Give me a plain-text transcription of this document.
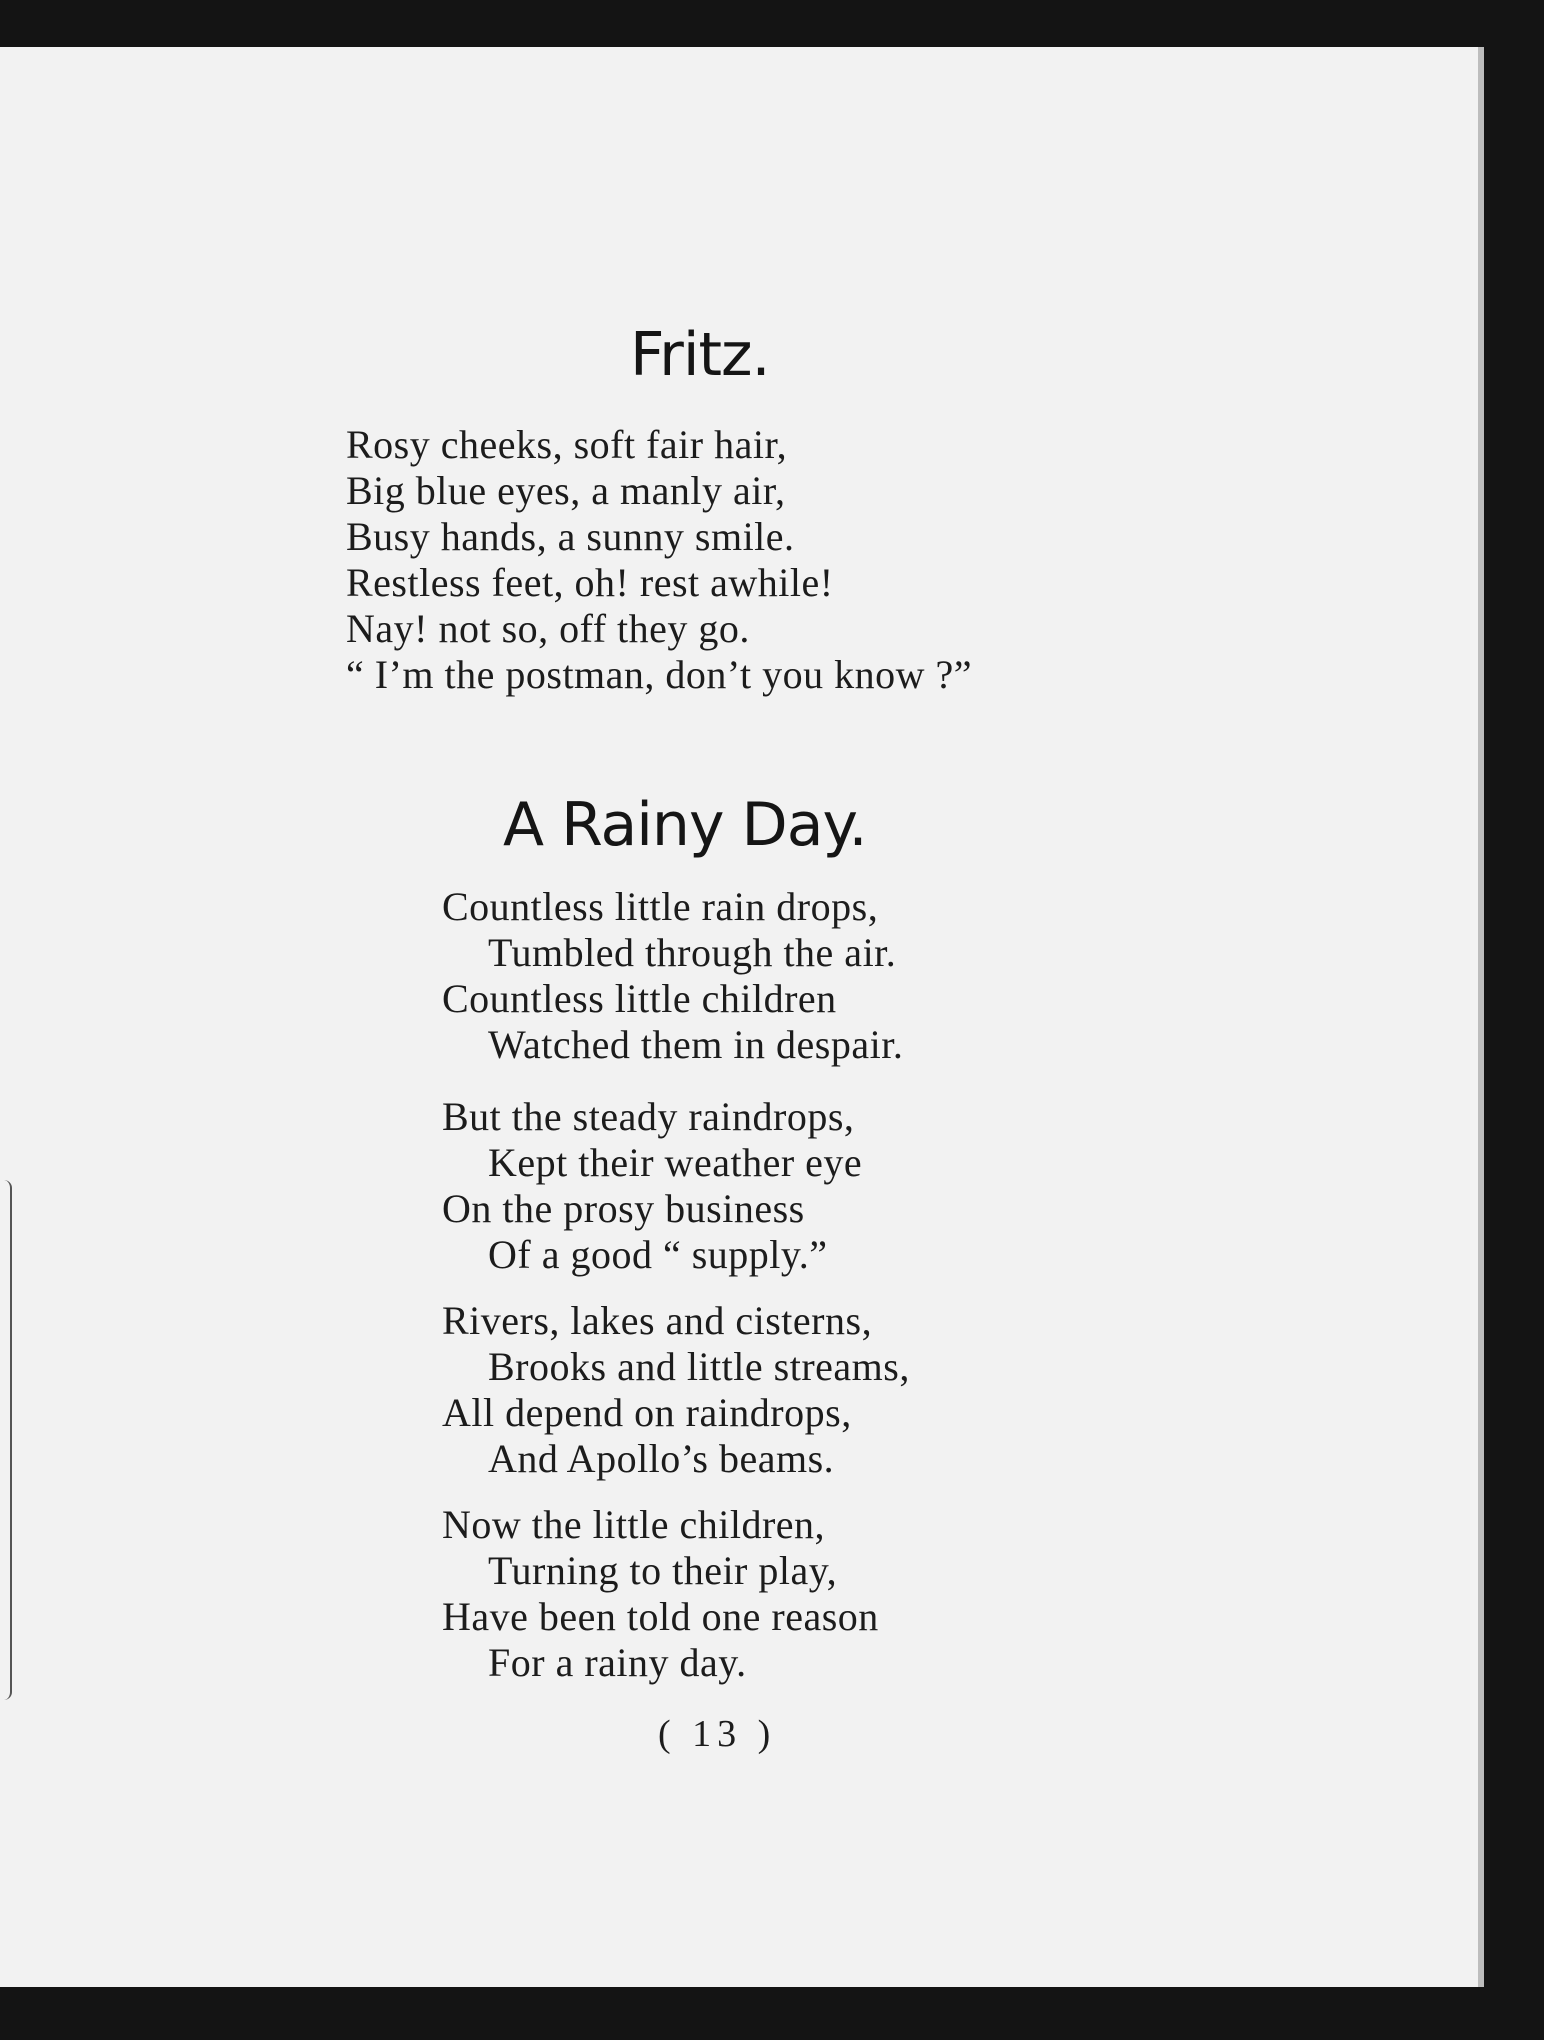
Fritz.
Rosy cheeks, soft fair hair,
Big blue eyes, a manly air,
Busy hands, a sunny smile.
Restless feet, oh! rest awhile!
Nay! not so, off they go.
“ I’m the postman, don’t you know ?”
A Rainy Day.
Countless little rain drops,
Tumbled through the air.
Countless little children
Watched them in despair.
But the steady raindrops,
Kept their weather eye
On the prosy business
Of a good “ supply.”
Rivers, lakes and cisterns,
Brooks and little streams,
All depend on raindrops,
And Apollo’s beams.
Now the little children,
Turning to their play,
Have been told one reason
For a rainy day.
( 13 )
